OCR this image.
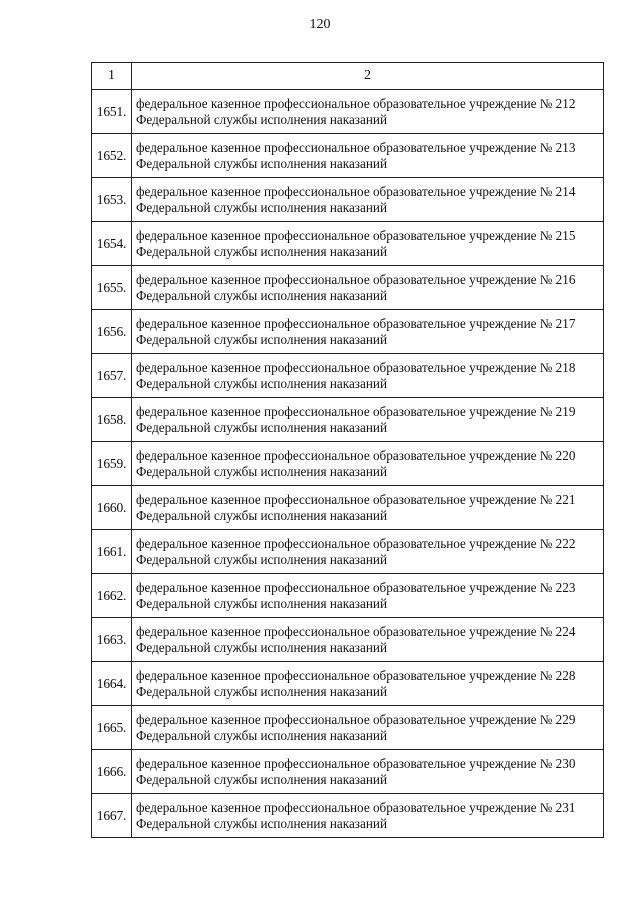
120
1	2
1651.	федеральное казенное профессиональное образовательное учреждение № 212
Федеральной службы исполнения наказаний

1652.	федеральное казенное профессиональное образовательное учреждение № 213
Федеральной службы исполнения наказаний

1653.	федеральное казенное профессиональное образовательное учреждение № 214
Федеральной службы исполнения наказаний

1654.	федеральное казенное профессиональное образовательное учреждение № 215
Федеральной службы исполнения наказаний

1655.	федеральное казенное профессиональное образовательное учреждение № 216
Федеральной службы исполнения наказаний

1656.	федеральное казенное профессиональное образовательное учреждение № 217
Федеральной службы исполнения наказаний

1657.	федеральное казенное профессиональное образовательное учреждение № 218
Федеральной службы исполнения наказаний

1658.	федеральное казенное профессиональное образовательное учреждение № 219
Федеральной службы исполнения наказаний

1659.	федеральное казенное профессиональное образовательное учреждение № 220
Федеральной службы исполнения наказаний

1660.	федеральное казенное профессиональное образовательное учреждение № 221
Федеральной службы исполнения наказаний

1661.	федеральное казенное профессиональное образовательное учреждение № 222
Федеральной службы исполнения наказаний

1662.	федеральное казенное профессиональное образовательное учреждение № 223
Федеральной службы исполнения наказаний

1663.	федеральное казенное профессиональное образовательное учреждение № 224
Федеральной службы исполнения наказаний

1664.	федеральное казенное профессиональное образовательное учреждение № 228
Федеральной службы исполнения наказаний

1665.	федеральное казенное профессиональное образовательное учреждение № 229
Федеральной службы исполнения наказаний

1666.	федеральное казенное профессиональное образовательное учреждение № 230
Федеральной службы исполнения наказаний

1667.	федеральное казенное профессиональное образовательное учреждение № 231
Федеральной службы исполнения наказаний
